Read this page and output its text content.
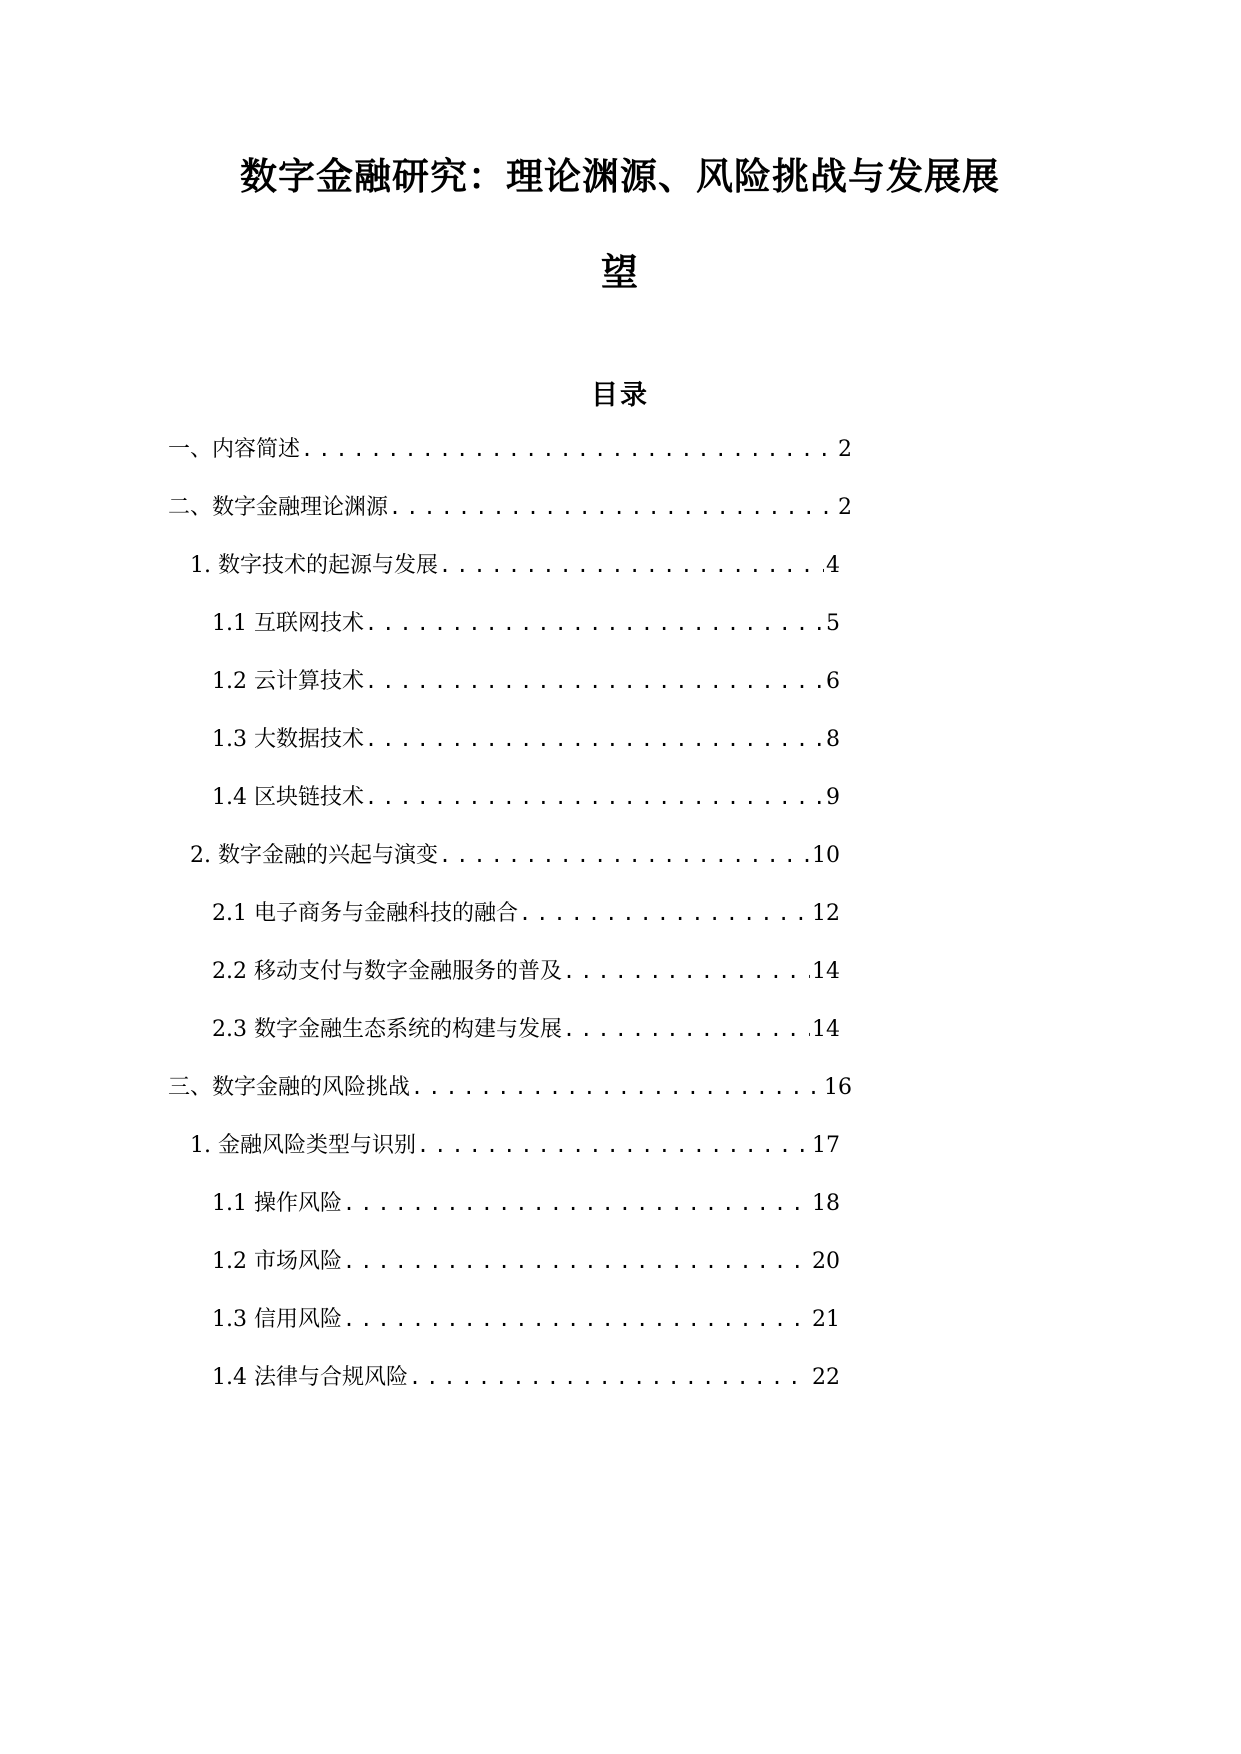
数字金融研究：理论渊源、风险挑战与发展展
望
目录
一、内容简述 .....	2
二、数字金融理论渊源 .....	2
1. 数字技术的起源与发展 .....	4
1.1 互联网技术 .....	5
1.2 云计算技术 .....	6
1.3 大数据技术 .....	8
1.4 区块链技术 .....	9
2. 数字金融的兴起与演变 .....	10
2.1 电子商务与金融科技的融合 .....	12
2.2 移动支付与数字金融服务的普及 .....	14
2.3 数字金融生态系统的构建与发展 .....	14
三、数字金融的风险挑战 .....	16
1. 金融风险类型与识别 .....	17
1.1 操作风险 .....	18
1.2 市场风险 .....	20
1.3 信用风险 .....	21
1.4 法律与合规风险 .....	22
